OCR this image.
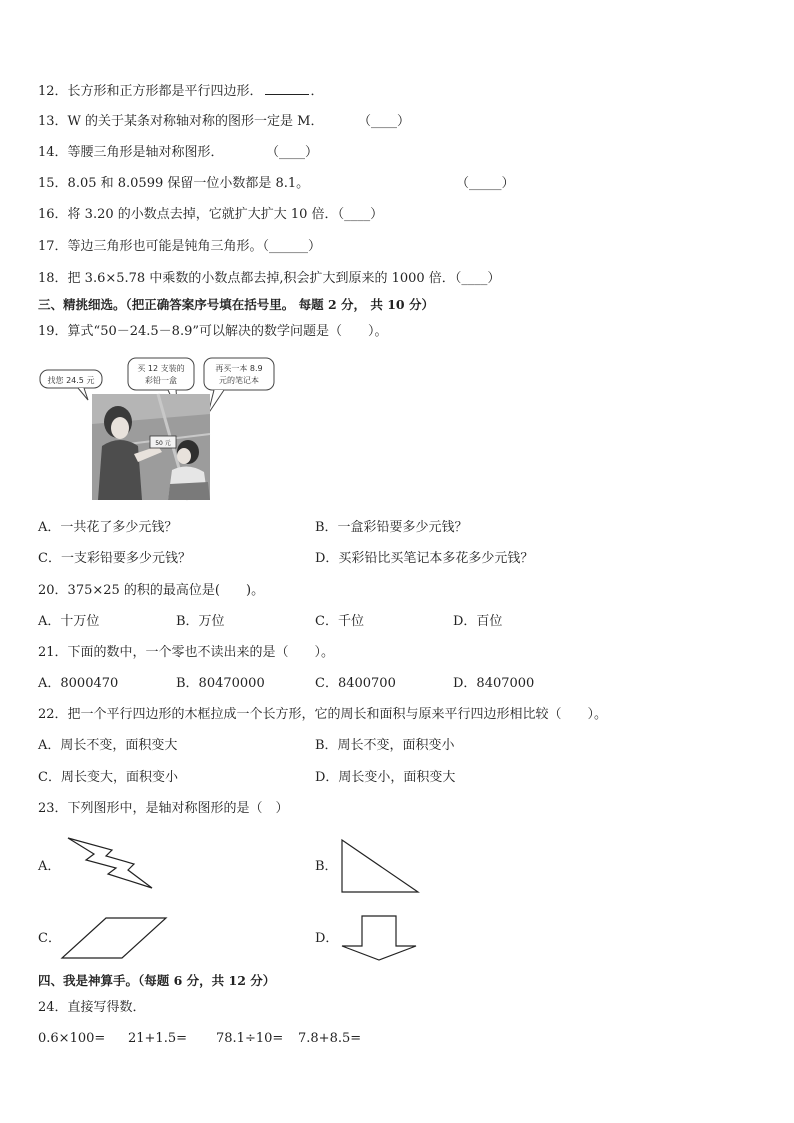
12．长方形和正方形都是平行四边形．	．
13．W 的关于某条对称轴对称的图形一定是 M．	（____）
14．等腰三角形是轴对称图形．	（____）
15．8.05 和 8.0599 保留一位小数都是 8.1。	（_____）
16．将 3.20 的小数点去掉，它就扩大扩大 10 倍．（____）
17．等边三角形也可能是钝角三角形。（______）
18．把 3.6×5.78 中乘数的小数点都去掉,积会扩大到原来的 1000 倍．（____）
三、精挑细选。（把正确答案序号填在括号里。 每题 2 分， 共 10 分）
19．算式“50－24.5－8.9”可以解决的数学问题是（　　）。
找您 24.5 元
买 12 支装的
彩铅一盒
再买一本 8.9
元的笔记本
50 元
A．一共花了多少元钱？	B．一盒彩铅要多少元钱？
C．一支彩铅要多少元钱？	D．买彩铅比买笔记本多花多少元钱？
20．375×25 的积的最高位是(　　)。
A．十万位	B．万位	C．千位	D．百位
21．下面的数中，一个零也不读出来的是（　　）。
A．8000470	B．80470000	C．8400700	D．8407000
22．把一个平行四边形的木框拉成一个长方形，它的周长和面积与原来平行四边形相比较（　　）。
A．周长不变，面积变大	B．周长不变，面积变小
C．周长变大，面积变小	D．周长变小，面积变大
23．下列图形中，是轴对称图形的是（　）
A．	B．
C．	D．
四、我是神算手。（每题 6 分，共 12 分）
24．直接写得数．
0.6×100= 21+1.5= 78.1÷10= 7.8+8.5=
